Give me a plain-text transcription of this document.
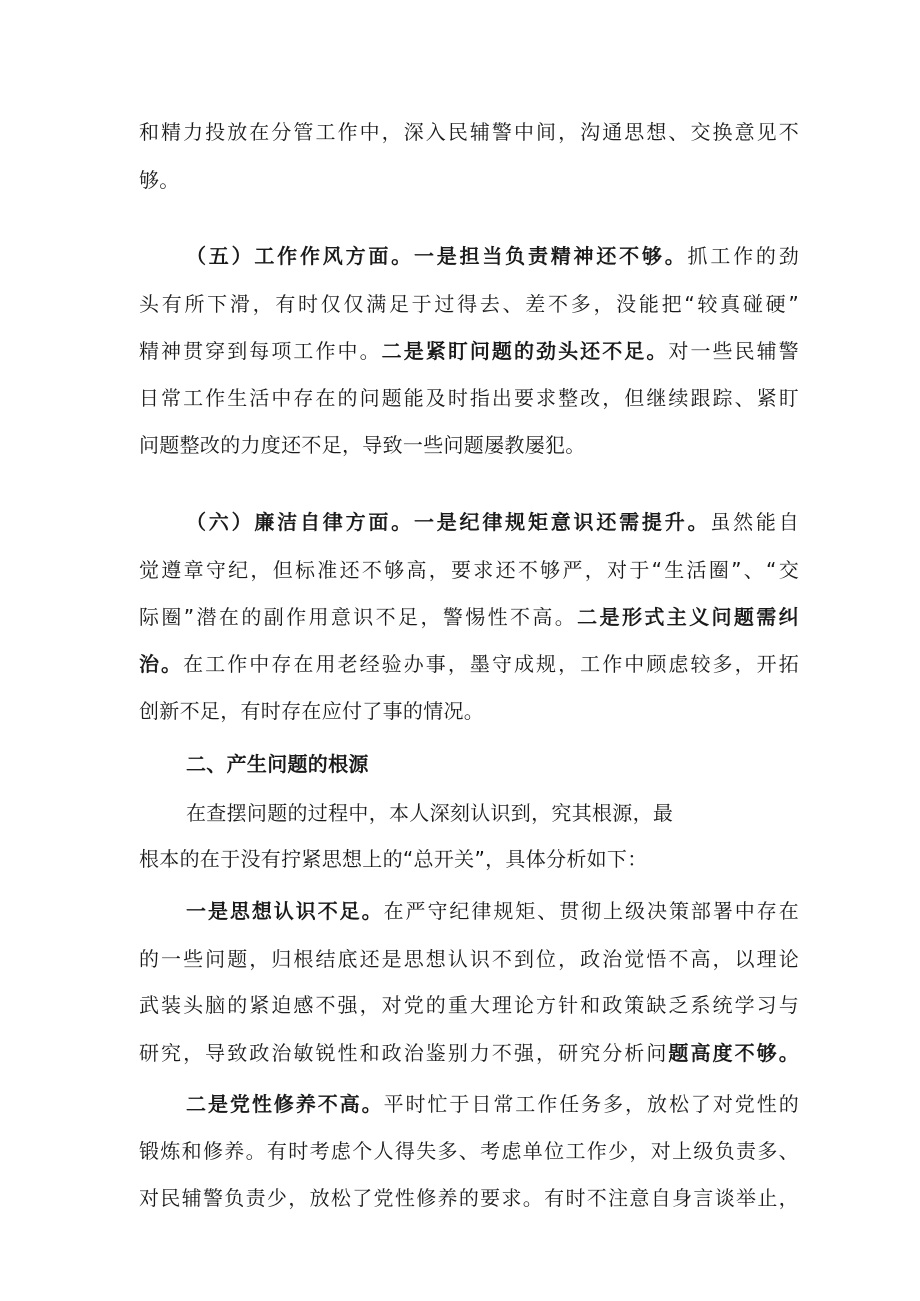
和精力投放在分管工作中，深入民辅警中间，沟通思想、交换意见不
够。
（五）工作作风方面。一是担当负责精神还不够。抓工作的劲
头有所下滑，有时仅仅满足于过得去、差不多，没能把“较真碰硬”
精神贯穿到每项工作中。二是紧盯问题的劲头还不足。对一些民辅警
日常工作生活中存在的问题能及时指出要求整改，但继续跟踪、紧盯
问题整改的力度还不足，导致一些问题屡教屡犯。
（六）廉洁自律方面。一是纪律规矩意识还需提升。虽然能自
觉遵章守纪，但标准还不够高，要求还不够严，对于“生活圈”、“交
际圈”潜在的副作用意识不足，警惕性不高。二是形式主义问题需纠
治。在工作中存在用老经验办事，墨守成规，工作中顾虑较多，开拓
创新不足，有时存在应付了事的情况。
二、产生问题的根源
在查摆问题的过程中，本人深刻认识到，究其根源，最
根本的在于没有拧紧思想上的“总开关”，具体分析如下：
一是思想认识不足。在严守纪律规矩、贯彻上级决策部署中存在
的一些问题，归根结底还是思想认识不到位，政治觉悟不高，以理论
武装头脑的紧迫感不强，对党的重大理论方针和政策缺乏系统学习与
研究，导致政治敏锐性和政治鉴别力不强，研究分析问题高度不够。
二是党性修养不高。平时忙于日常工作任务多，放松了对党性的
锻炼和修养。有时考虑个人得失多、考虑单位工作少，对上级负责多、
对民辅警负责少，放松了党性修养的要求。有时不注意自身言谈举止，
